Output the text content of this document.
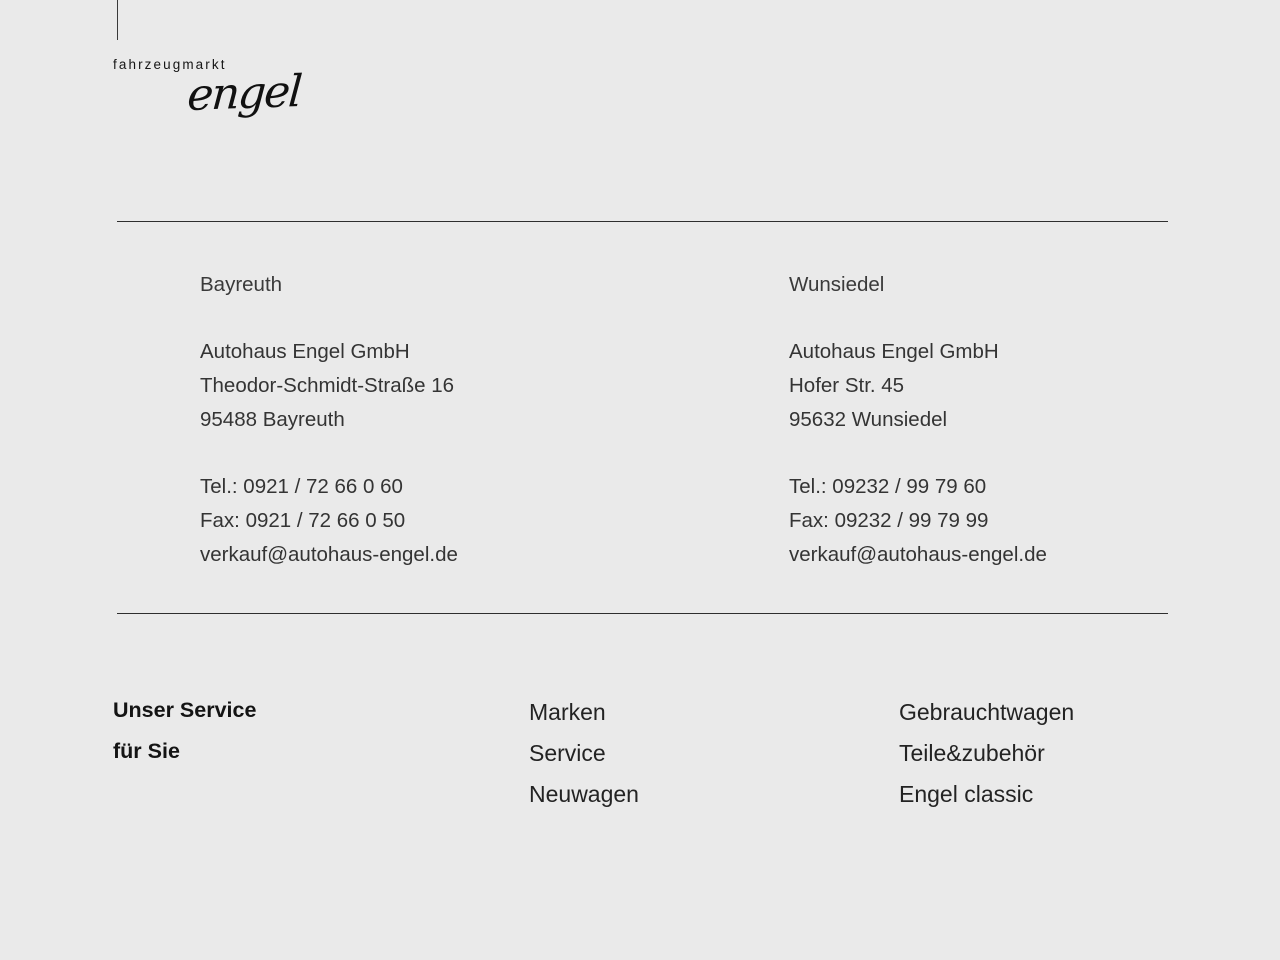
fahrzeugmarkt
engel
Bayreuth
Autohaus Engel GmbH
Theodor-Schmidt-Straße 16
95488 Bayreuth
Tel.: 0921 / 72 66 0 60
Fax: 0921 / 72 66 0 50
verkauf@autohaus-engel.de
Wunsiedel
Autohaus Engel GmbH
Hofer Str. 45
95632 Wunsiedel
Tel.: 09232 / 99 79 60
Fax: 09232 / 99 79 99
verkauf@autohaus-engel.de
Unser Service
für Sie
Marken
Service
Neuwagen
Gebrauchtwagen
Teile&zubehör
Engel classic
